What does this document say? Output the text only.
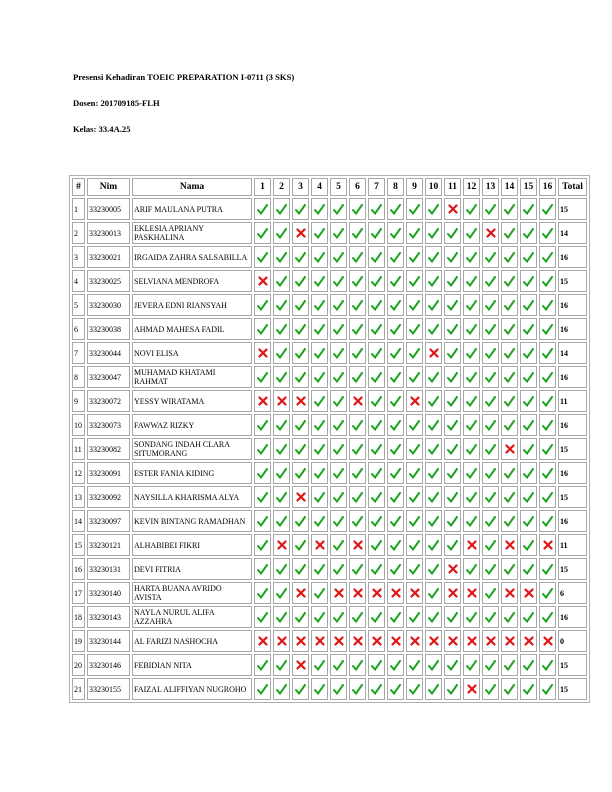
Presensi Kehadiran TOEIC PREPARATION I-0711 (3 SKS)
Dosen: 201709185-FLH
Kelas: 33.4A.25
#	Nim	Nama	1	2	3	4	5	6	7	8	9	10	11	12	13	14	15	16	Total
1	33230005	ARIF MAULANA PUTRA																	15
2	33230013	EKLESIA APRIANY PASKHALINA																	14
3	33230021	IRGAIDA ZAHRA SALSABILLA																	16
4	33230025	SELVIANA MENDROFA																	15
5	33230030	JEVERA EDNI RIANSYAH																	16
6	33230038	AHMAD MAHESA FADIL																	16
7	33230044	NOVI ELISA																	14
8	33230047	MUHAMAD KHATAMI RAHMAT																	16
9	33230072	YESSY WIRATAMA																	11
10	33230073	FAWWAZ RIZKY																	16
11	33230082	SONDANG INDAH CLARA SITUMORANG																	15
12	33230091	ESTER FANIA KIDING																	16
13	33230092	NAYSILLA KHARISMA ALYA																	15
14	33230097	KEVIN BINTANG RAMADHAN																	16
15	33230121	ALHABIBEI FIKRI																	11
16	33230131	DEVI FITRIA																	15
17	33230140	HARTA BUANA AVRIDO AVISTA																	6
18	33230143	NAYLA NURUL ALIFA AZZAHRA																	16
19	33230144	AL FARIZI NASHOCHA																	0
20	33230146	FEBIDIAN NITA																	15
21	33230155	FAIZAL ALIFFIYAN NUGROHO																	15
